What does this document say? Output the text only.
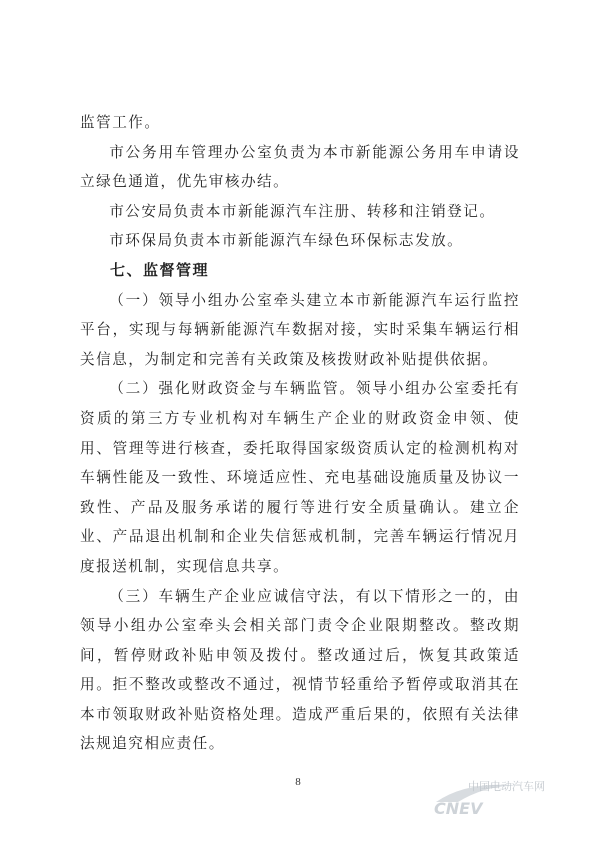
监管工作。

市公务用车管理办公室负责为本市新能源公务用车申请设立绿色通道，优先审核办结。

市公安局负责本市新能源汽车注册、转移和注销登记。

市环保局负责本市新能源汽车绿色环保标志发放。

七、监督管理

（一）领导小组办公室牵头建立本市新能源汽车运行监控平台，实现与每辆新能源汽车数据对接，实时采集车辆运行相关信息，为制定和完善有关政策及核拨财政补贴提供依据。

（二）强化财政资金与车辆监管。领导小组办公室委托有资质的第三方专业机构对车辆生产企业的财政资金申领、使用、管理等进行核查，委托取得国家级资质认定的检测机构对车辆性能及一致性、环境适应性、充电基础设施质量及协议一致性、产品及服务承诺的履行等进行安全质量确认。建立企业、产品退出机制和企业失信惩戒机制，完善车辆运行情况月度报送机制，实现信息共享。

（三）车辆生产企业应诚信守法，有以下情形之一的，由领导小组办公室牵头会相关部门责令企业限期整改。整改期间，暂停财政补贴申领及拨付。整改通过后，恢复其政策适用。拒不整改或整改不通过，视情节轻重给予暂停或取消其在本市领取财政补贴资格处理。造成严重后果的，依照有关法律法规追究相应责任。

8	中国电动汽车网
CNEV
